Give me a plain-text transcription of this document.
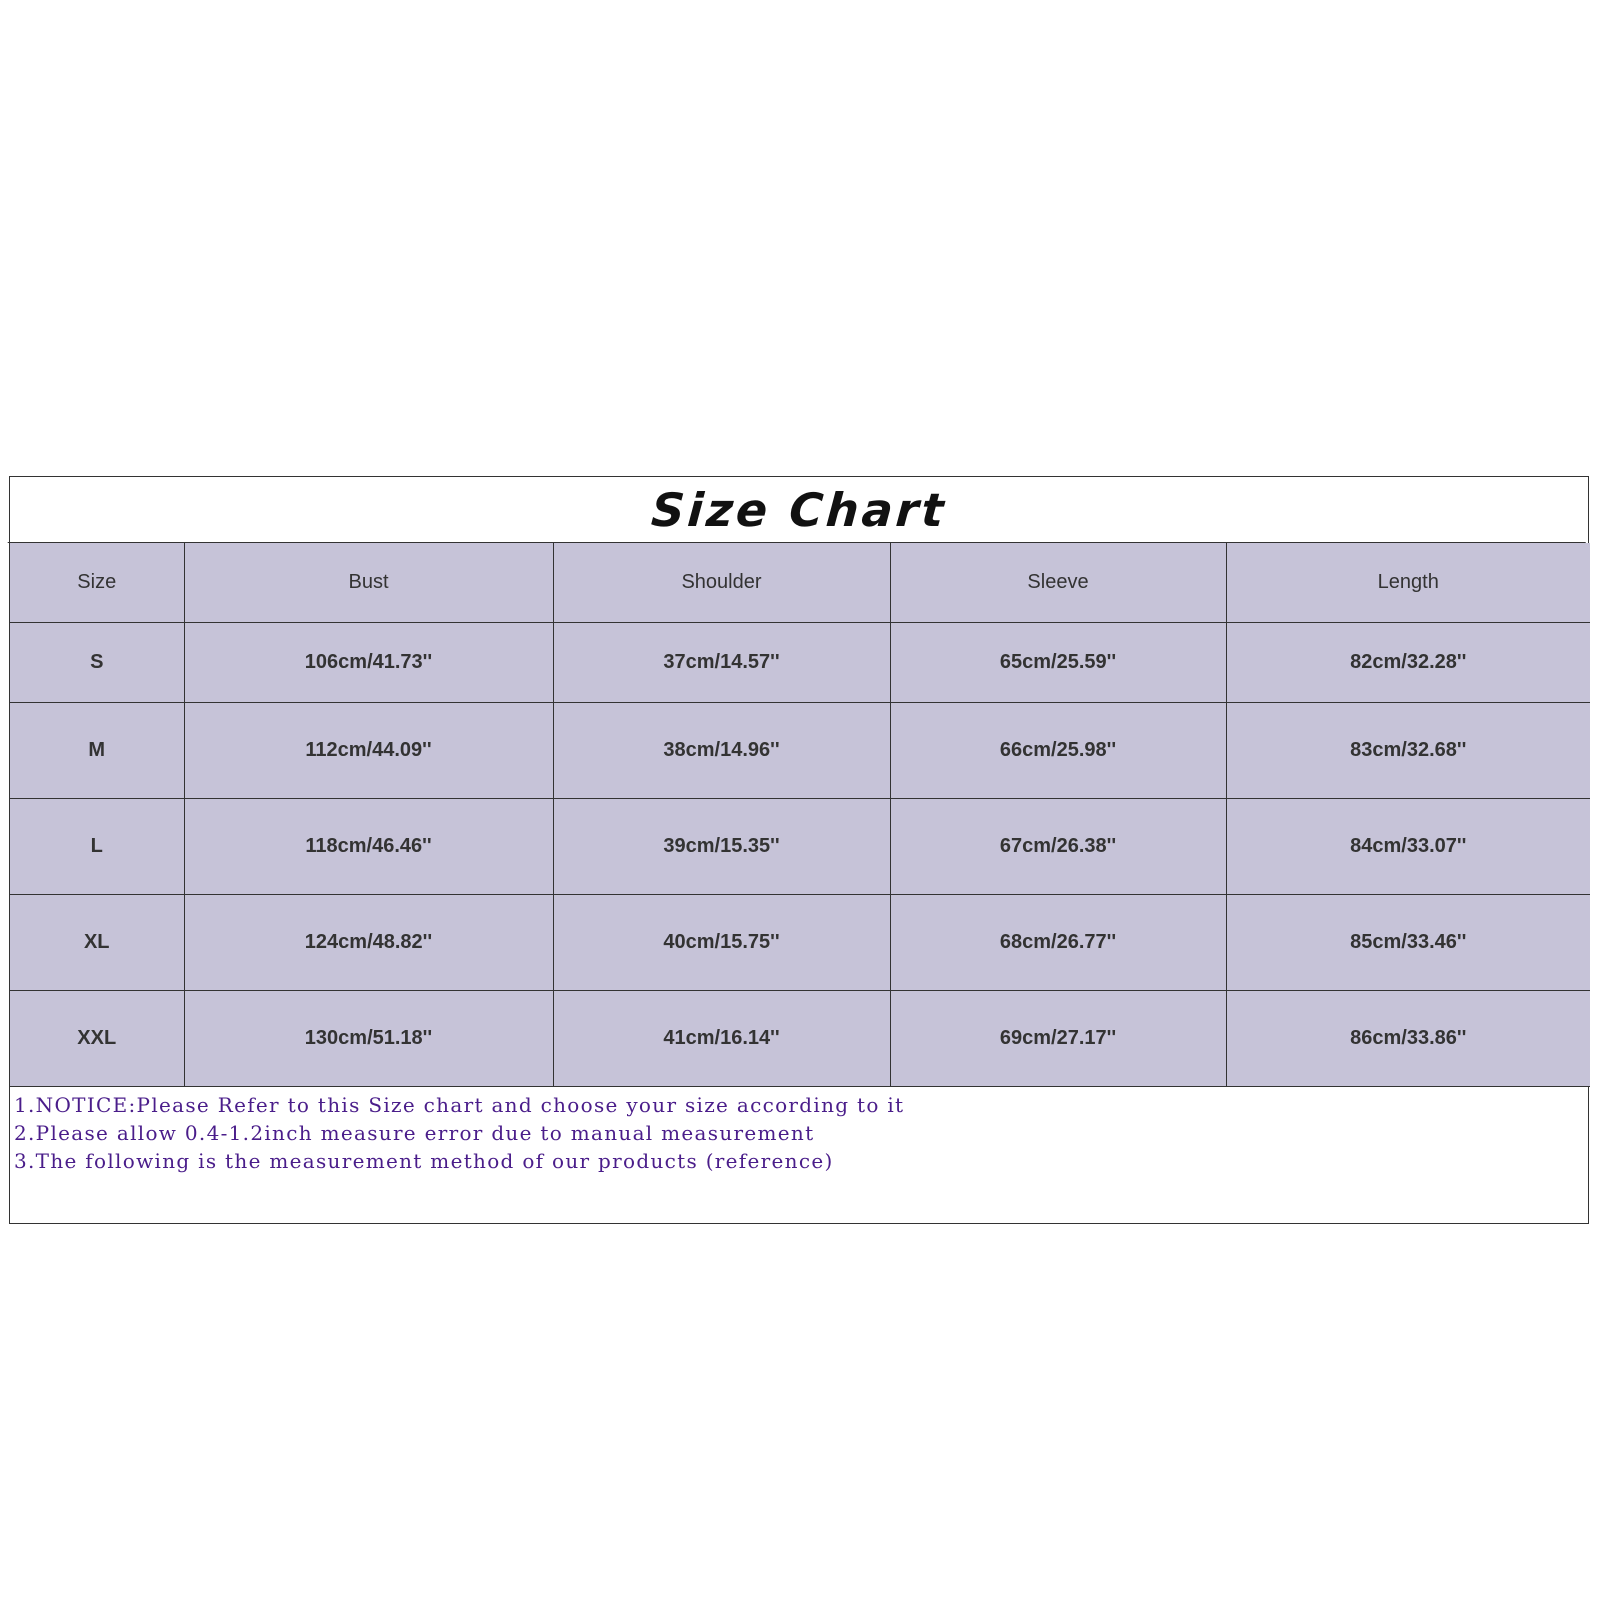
Size Chart
Size	Bust	Shoulder	Sleeve	Length
S	106cm/41.73''	37cm/14.57''	65cm/25.59''	82cm/32.28''
M	112cm/44.09''	38cm/14.96''	66cm/25.98''	83cm/32.68''
L	118cm/46.46''	39cm/15.35''	67cm/26.38''	84cm/33.07''
XL	124cm/48.82''	40cm/15.75''	68cm/26.77''	85cm/33.46''
XXL	130cm/51.18''	41cm/16.14''	69cm/27.17''	86cm/33.86''
1.NOTICE:Please Refer to this Size chart and choose your size according to it
2.Please allow 0.4-1.2inch measure error due to manual measurement
3.The following is the measurement method of our products (reference)
